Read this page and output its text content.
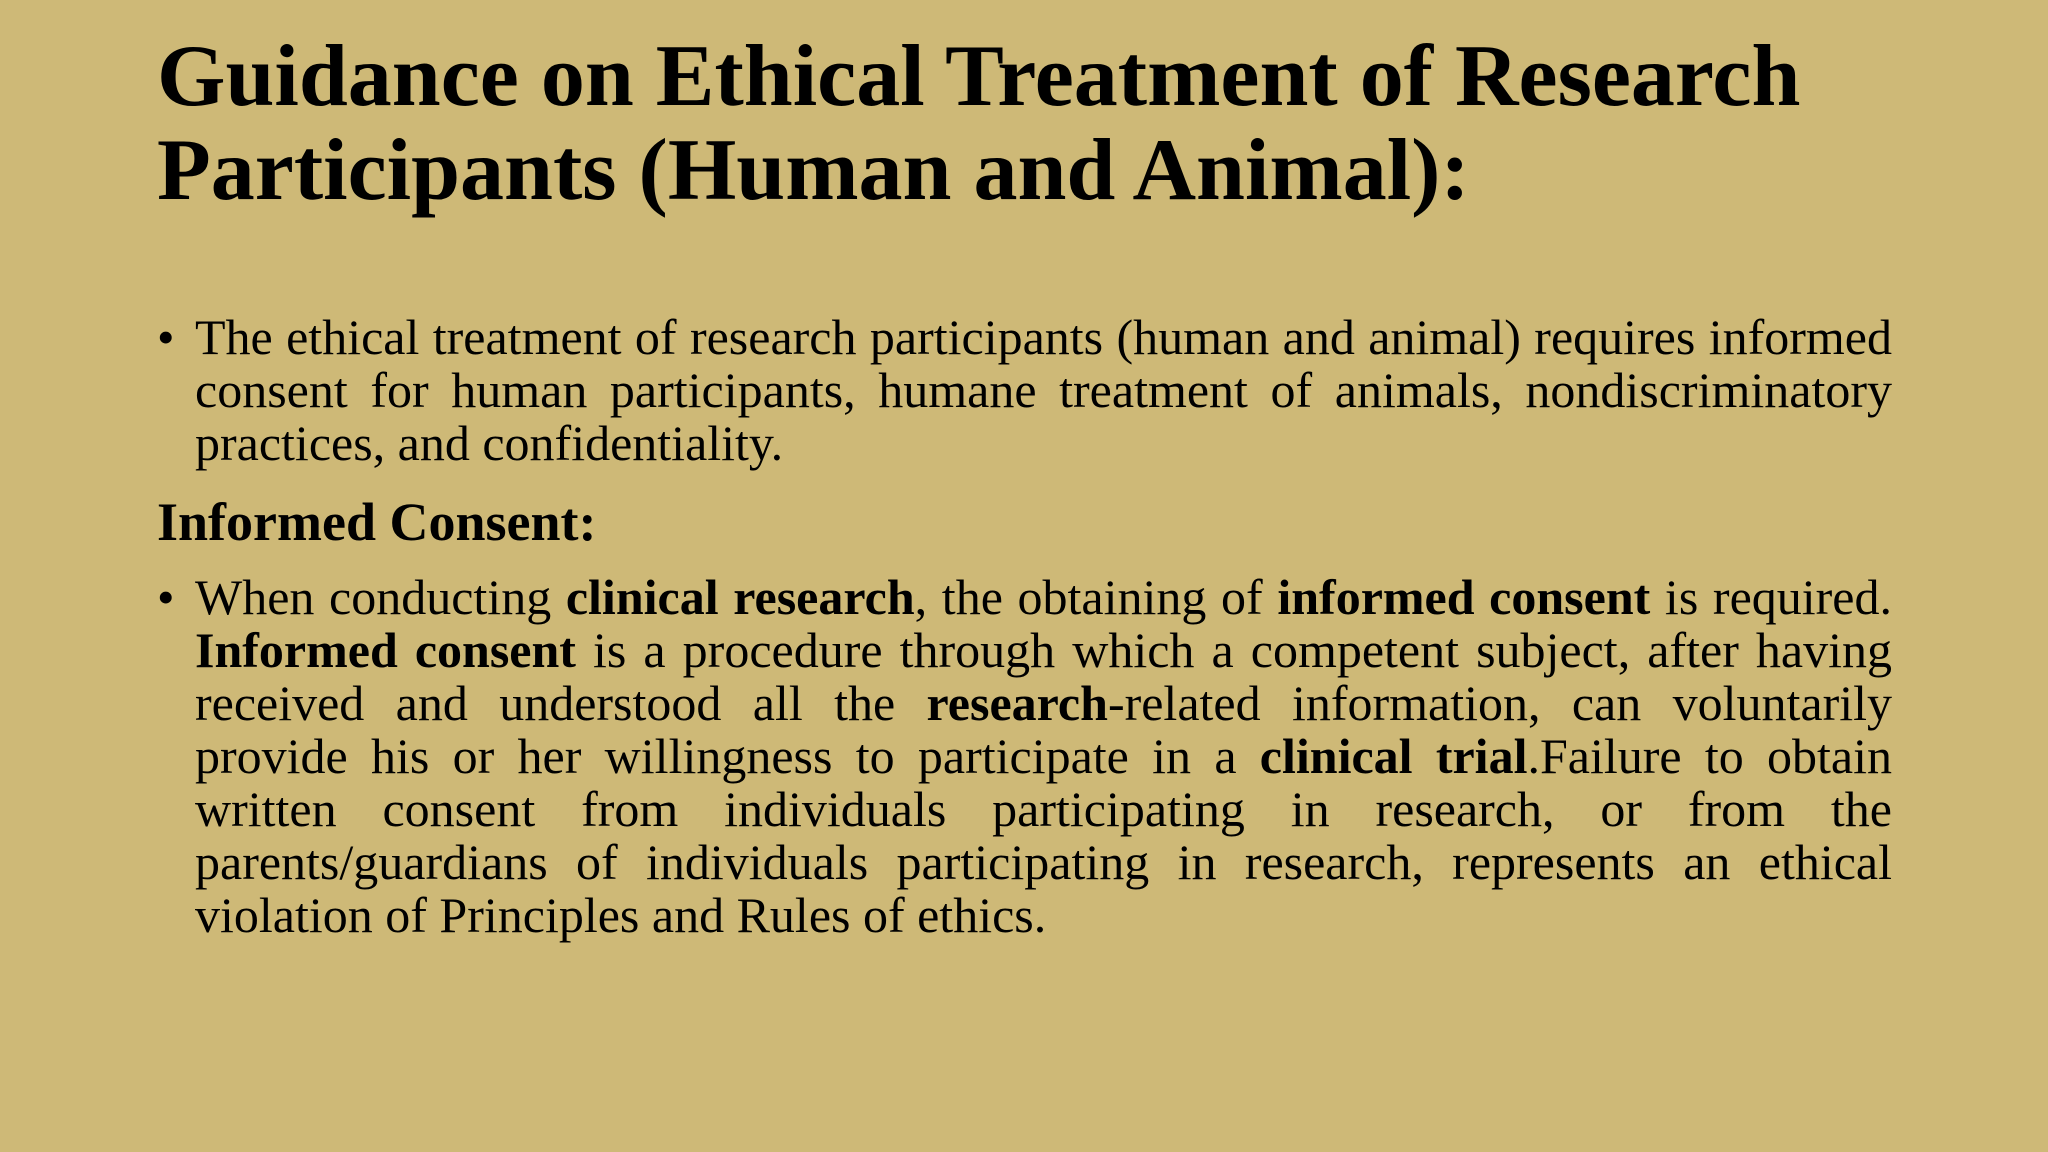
Guidance on Ethical Treatment of Research Participants (Human and Animal):
• The ethical treatment of research participants (human and animal) requires informed consent for human participants, humane treatment of animals, nondiscriminatory practices, and confidentiality.
Informed Consent:
• When conducting clinical research, the obtaining of informed consent is required. Informed consent is a procedure through which a competent subject, after having received and understood all the research-related information, can voluntarily provide his or her willingness to participate in a clinical trial.Failure to obtain written consent from individuals participating in research, or from the parents/guardians of individuals participating in research, represents an ethical violation of Principles and Rules of ethics.
